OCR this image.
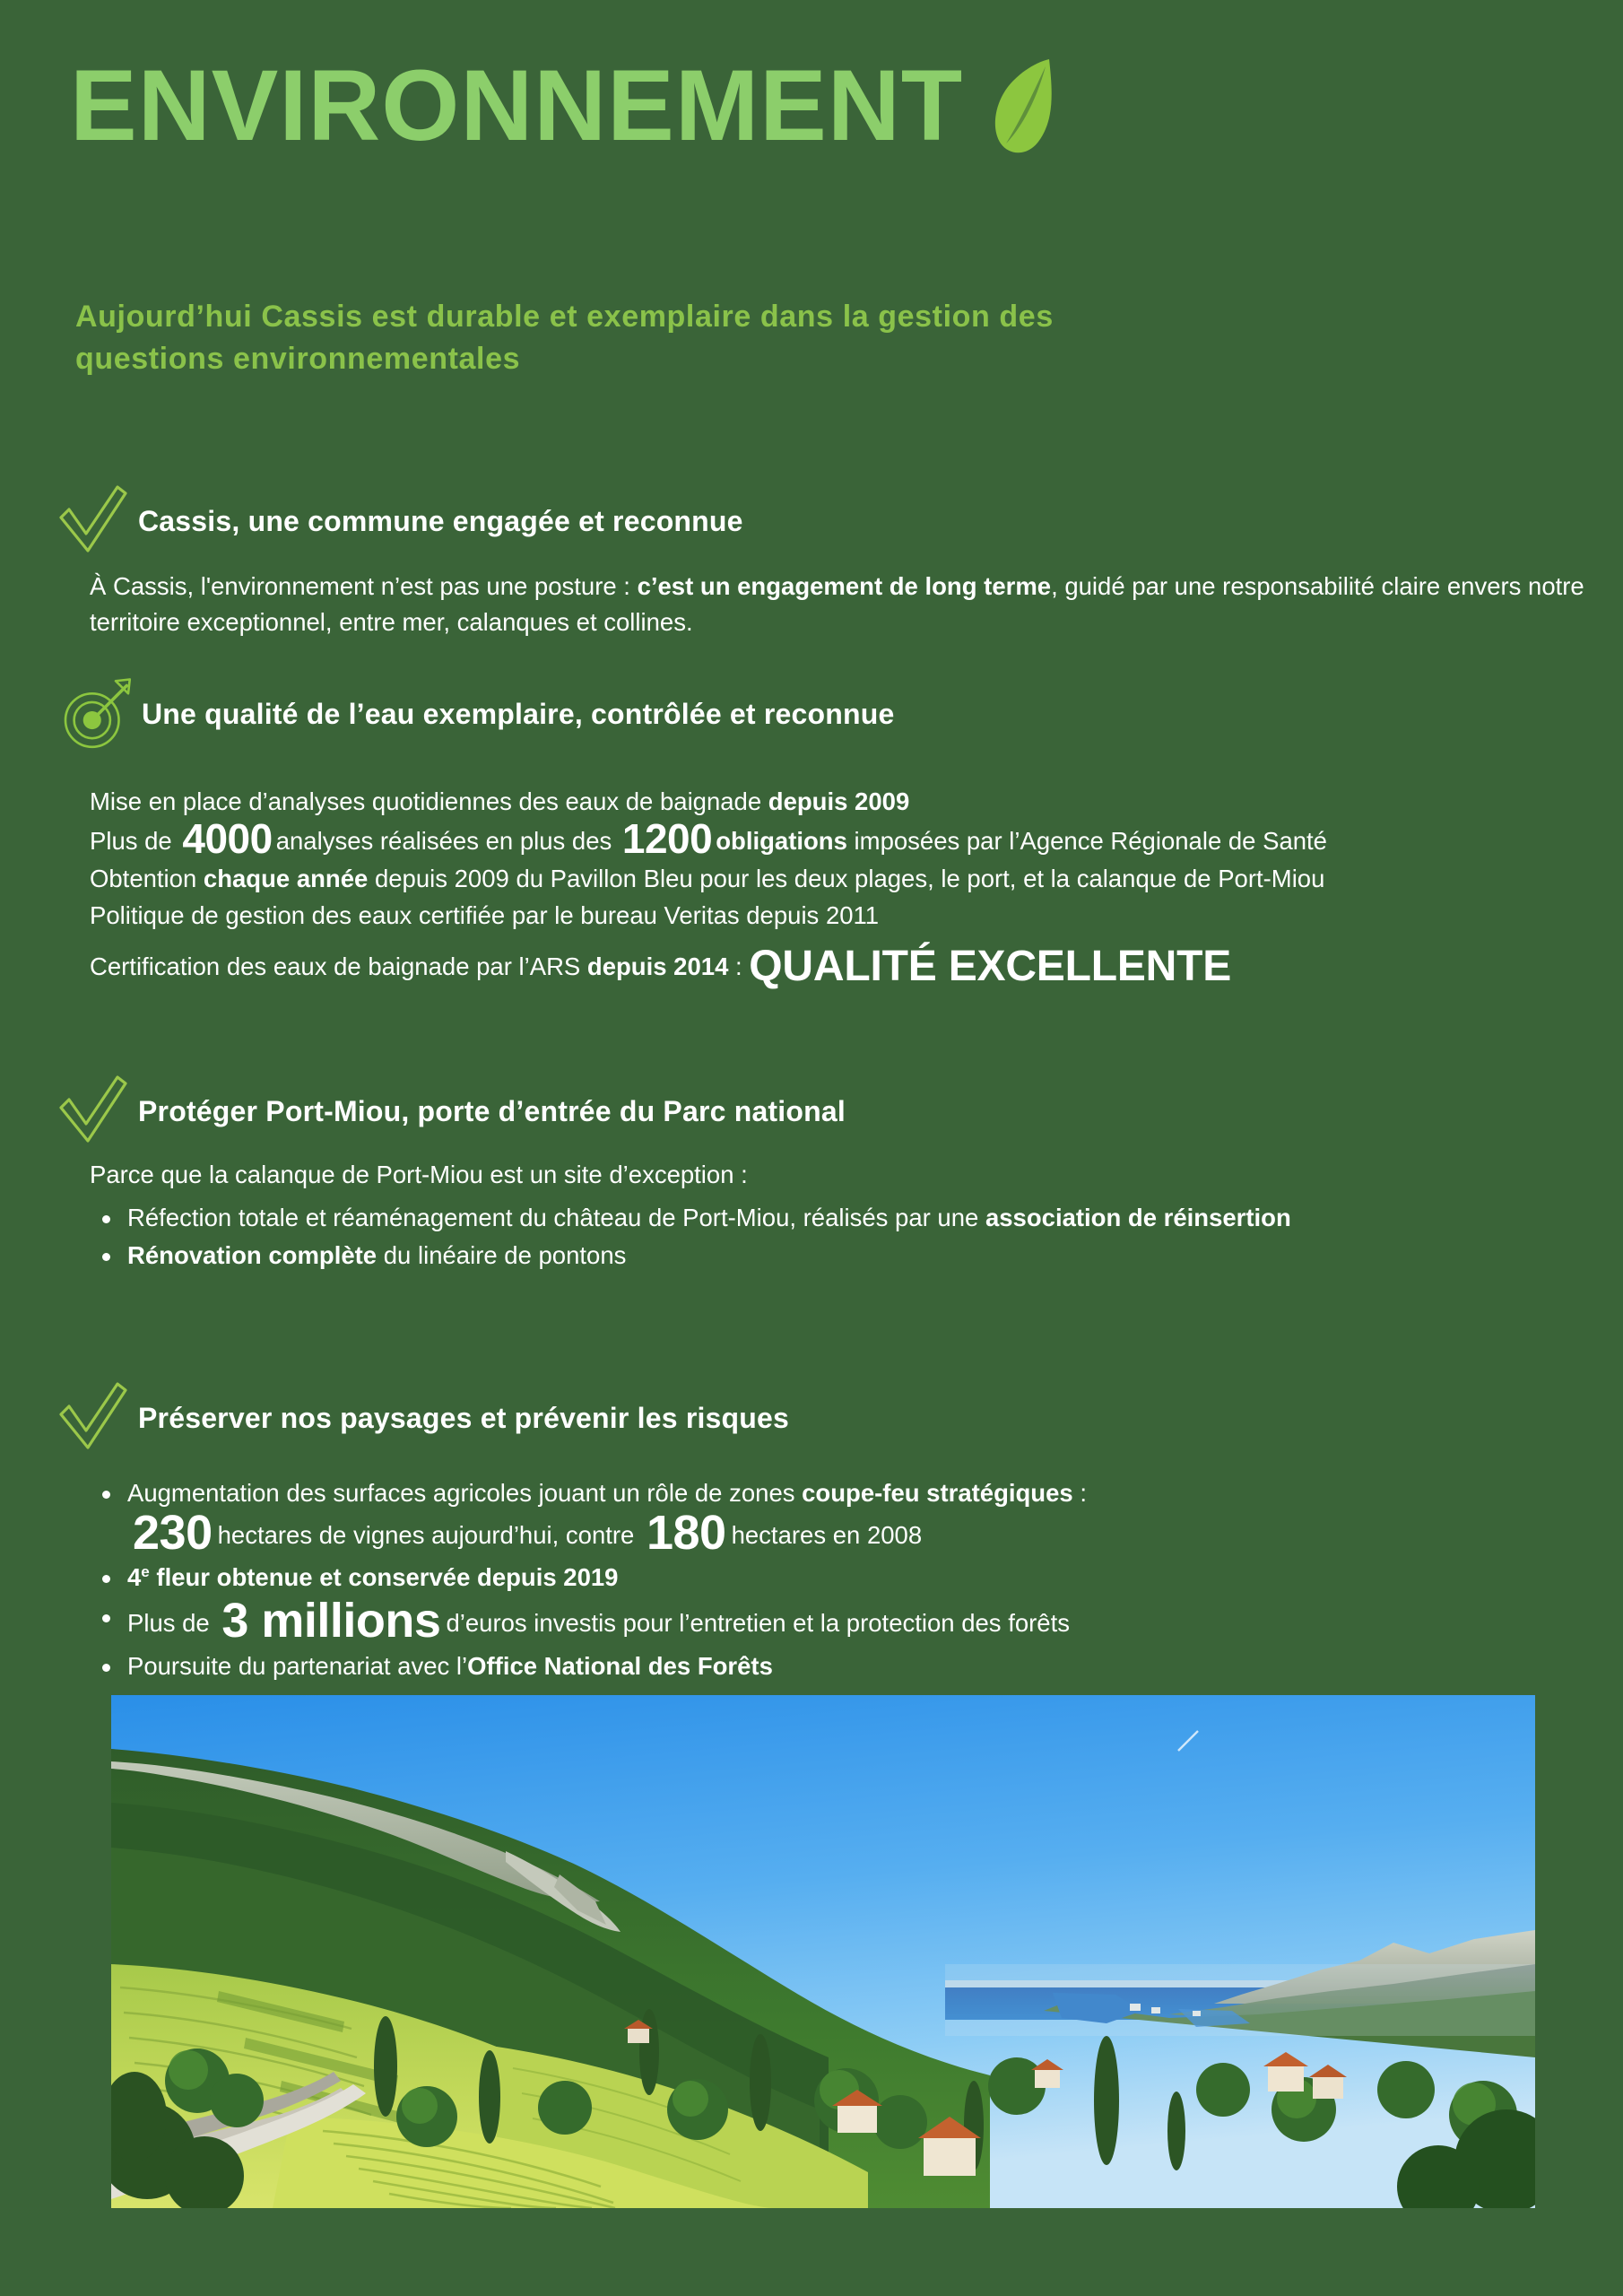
ENVIRONNEMENT
Aujourd’hui Cassis est durable et exemplaire dans la gestion des
questions environnementales
Cassis, une commune engagée et reconnue
À Cassis, l'environnement n’est pas une posture : c’est un engagement de long terme, guidé par une responsabilité claire envers notre territoire exceptionnel, entre mer, calanques et collines.
Une qualité de l’eau exemplaire, contrôlée et reconnue
Mise en place d’analyses quotidiennes des eaux de baignade depuis 2009
Plus de 4000 analyses réalisées en plus des 1200 obligations imposées par l’Agence Régionale de Santé
Obtention chaque année depuis 2009 du Pavillon Bleu pour les deux plages, le port, et la calanque de Port-Miou
Politique de gestion des eaux certifiée par le bureau Veritas depuis 2011
Certification des eaux de baignade par l’ARS depuis 2014 : QUALITÉ EXCELLENTE
Protéger Port-Miou, porte d’entrée du Parc national
Parce que la calanque de Port-Miou est un site d’exception :
Réfection totale et réaménagement du château de Port-Miou, réalisés par une association de réinsertion
Rénovation complète du linéaire de pontons
Préserver nos paysages et prévenir les risques
Augmentation des surfaces agricoles jouant un rôle de zones coupe-feu stratégiques :
230 hectares de vignes aujourd’hui, contre 180 hectares en 2008
4e fleur obtenue et conservée depuis 2019
Plus de 3 millions d’euros investis pour l’entretien et la protection des forêts
Poursuite du partenariat avec l’Office National des Forêts
